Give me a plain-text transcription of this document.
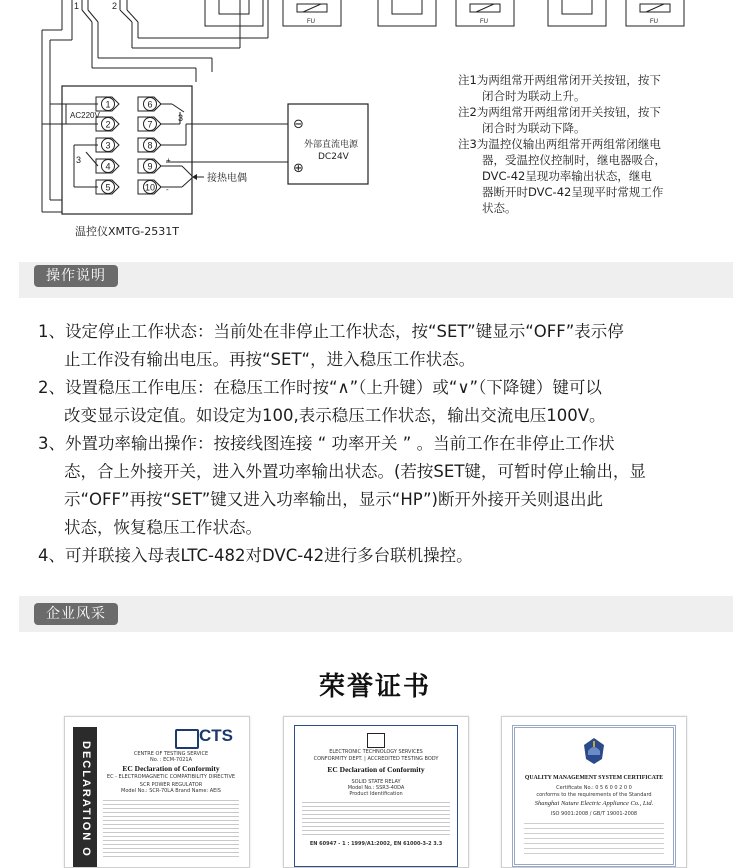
1
2
3
4
5
6
7
8
9
10
1	2
FU	FU	FU
AC220V	3
3	+
-
接热电偶
⊖
⊕
外部直流电源
DC24V
温控仪XMTG-2531T
注1为两组常开两组常闭开关按钮，按下
闭合时为联动上升。
注2为两组常开两组常闭开关按钮，按下
闭合时为联动下降。
注3为温控仪输出两组常开两组常闭继电
器，受温控仪控制时，继电器吸合，
DVC-42呈现功率输出状态，继电
器断开时DVC-42呈现平时常规工作
状态。
操作说明
1、设定停止工作状态：当前处在非停止工作状态，按“SET”键显示“OFF”表示停
止工作没有输出电压。再按“SET“，进入稳压工作状态。
2、设置稳压工作电压：在稳压工作时按“∧”（上升键）或“∨”（下降键）键可以
改变显示设定值。如设定为100,表示稳压工作状态，输出交流电压100V。
3、外置功率输出操作：按接线图连接 “ 功率开关 ” 。当前工作在非停止工作状
态，合上外接开关，进入外置功率输出状态。(若按SET键，可暂时停止输出，显
示“OFF”再按“SET”键又进入功率输出，显示“HP”)断开外接开关则退出此
状态，恢复稳压工作状态。
4、可并联接入母表LTC-482对DVC-42进行多台联机操控。
企业风采
荣誉证书
DECLARATION O
CTS
CENTRE OF TESTING SERVICE
No. : ECM-7021A
EC Declaration of Conformity
EC - ELECTROMAGNETIC COMPATIBILITY DIRECTIVE
SCR POWER REGULATOR
Model No.: SCR-70LA Brand Name: AEIS
ELECTRONIC TECHNOLOGY SERVICES
CONFORMITY DEPT. | ACCREDITED TESTING BODY
EC Declaration of Conformity
SOLID STATE RELAY
Model No.: SSR3-40DA
Product Identification
EN 60947 - 1 : 1999/A1:2002, EN 61000-3-2 3.3
QUALITY MANAGEMENT SYSTEM CERTIFICATE
Certificate No.: 0 5 6 0 0 2 0 0
conforms to the requirements of the Standard
Shanghai Nature Electric Appliance Co., Ltd.
ISO 9001:2008 / GB/T 19001-2008
